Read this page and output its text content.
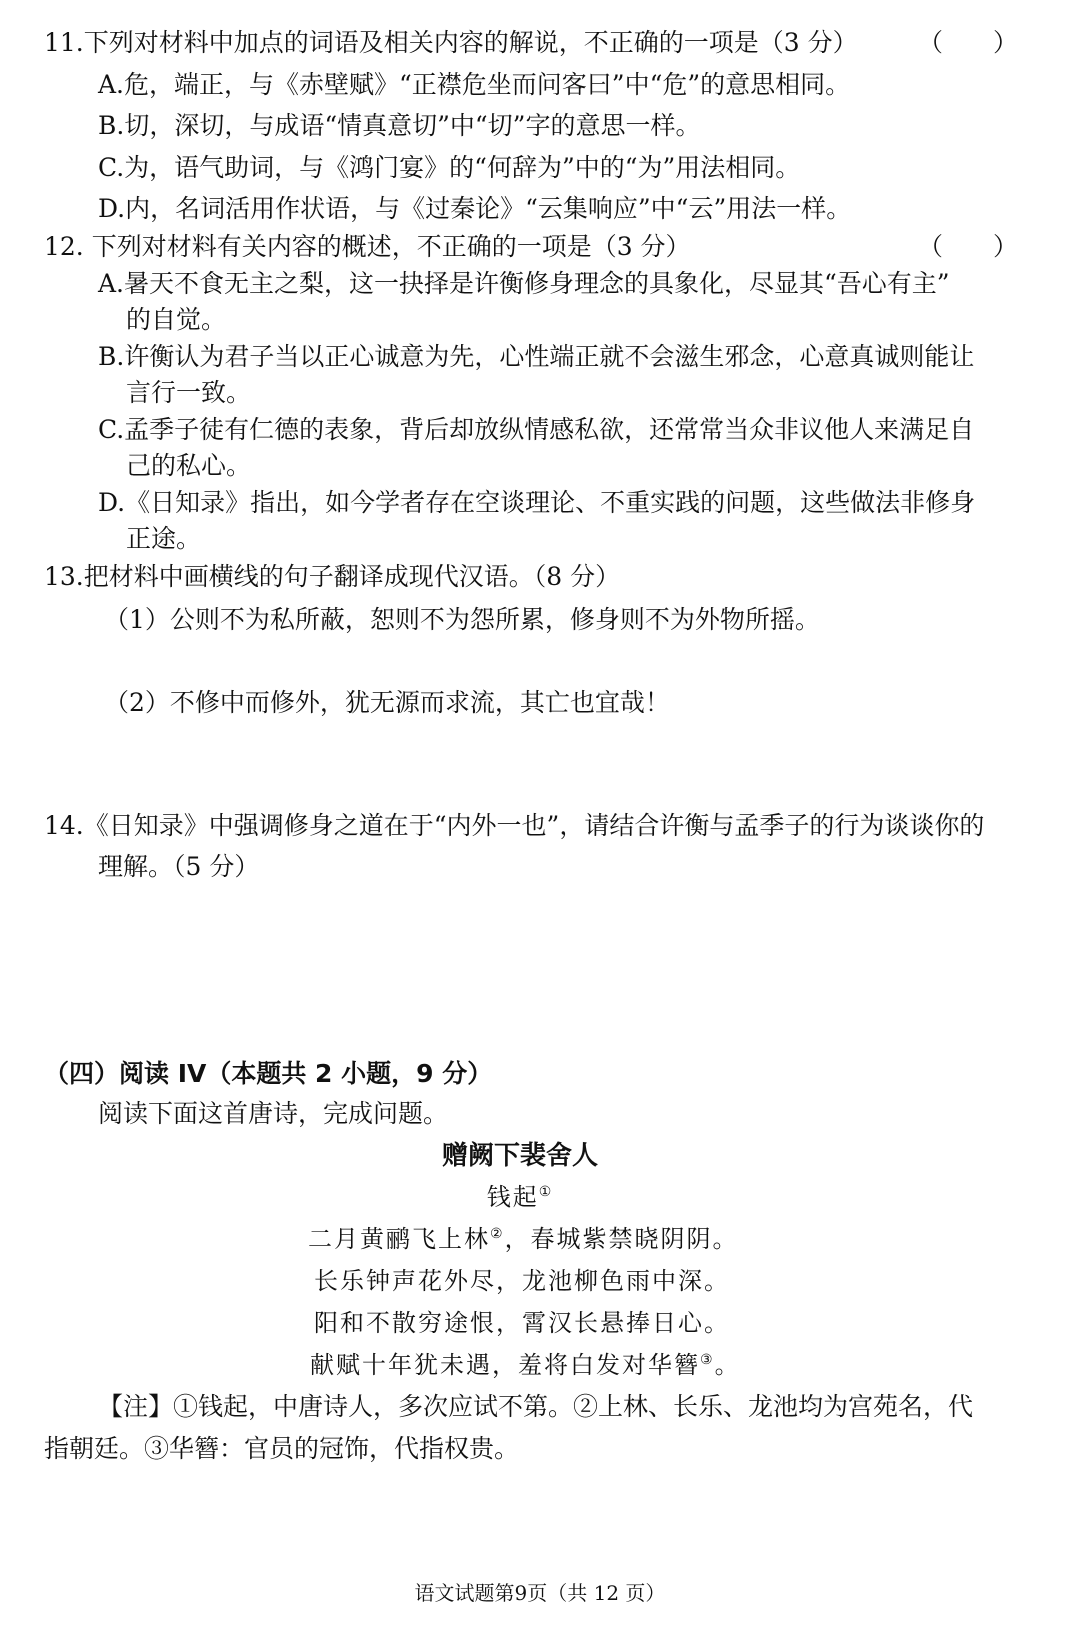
11.下列对材料中加点的词语及相关内容的解说，不正确的一项是（3 分） （　　）
A.危，端正，与《赤壁赋》“正襟危坐而问客曰”中“危”的意思相同。
B.切，深切，与成语“情真意切”中“切”字的意思一样。
C.为，语气助词，与《鸿门宴》的“何辞为”中的“为”用法相同。
D.内，名词活用作状语，与《过秦论》“云集响应”中“云”用法一样。
12. 下列对材料有关内容的概述，不正确的一项是（3 分）	（　　）
A.暑天不食无主之梨，这一抉择是许衡修身理念的具象化，尽显其“吾心有主”
的自觉。
B.许衡认为君子当以正心诚意为先，心性端正就不会滋生邪念，心意真诚则能让
言行一致。
C.孟季子徒有仁德的表象，背后却放纵情感私欲，还常常当众非议他人来满足自
己的私心。
D.《日知录》指出，如今学者存在空谈理论、不重实践的问题，这些做法非修身
正途。
13.把材料中画横线的句子翻译成现代汉语。（8 分）
（1）公则不为私所蔽，恕则不为怨所累，修身则不为外物所摇。
（2）不修中而修外，犹无源而求流，其亡也宜哉！
14.《日知录》中强调修身之道在于“内外一也”，请结合许衡与孟季子的行为谈谈你的
理解。（5 分）
（四）阅读 IV（本题共 2 小题，9 分）
阅读下面这首唐诗，完成问题。
赠阙下裴舍人
钱起①
二月黄鹂飞上林②，春城紫禁晓阴阴。
长乐钟声花外尽，龙池柳色雨中深。
阳和不散穷途恨，霄汉长悬捧日心。
献赋十年犹未遇，羞将白发对华簪③。
【注】①钱起，中唐诗人，多次应试不第。②上林、长乐、龙池均为宫苑名，代
指朝廷。③华簪：官员的冠饰，代指权贵。
语文试题第9页（共 12 页）
